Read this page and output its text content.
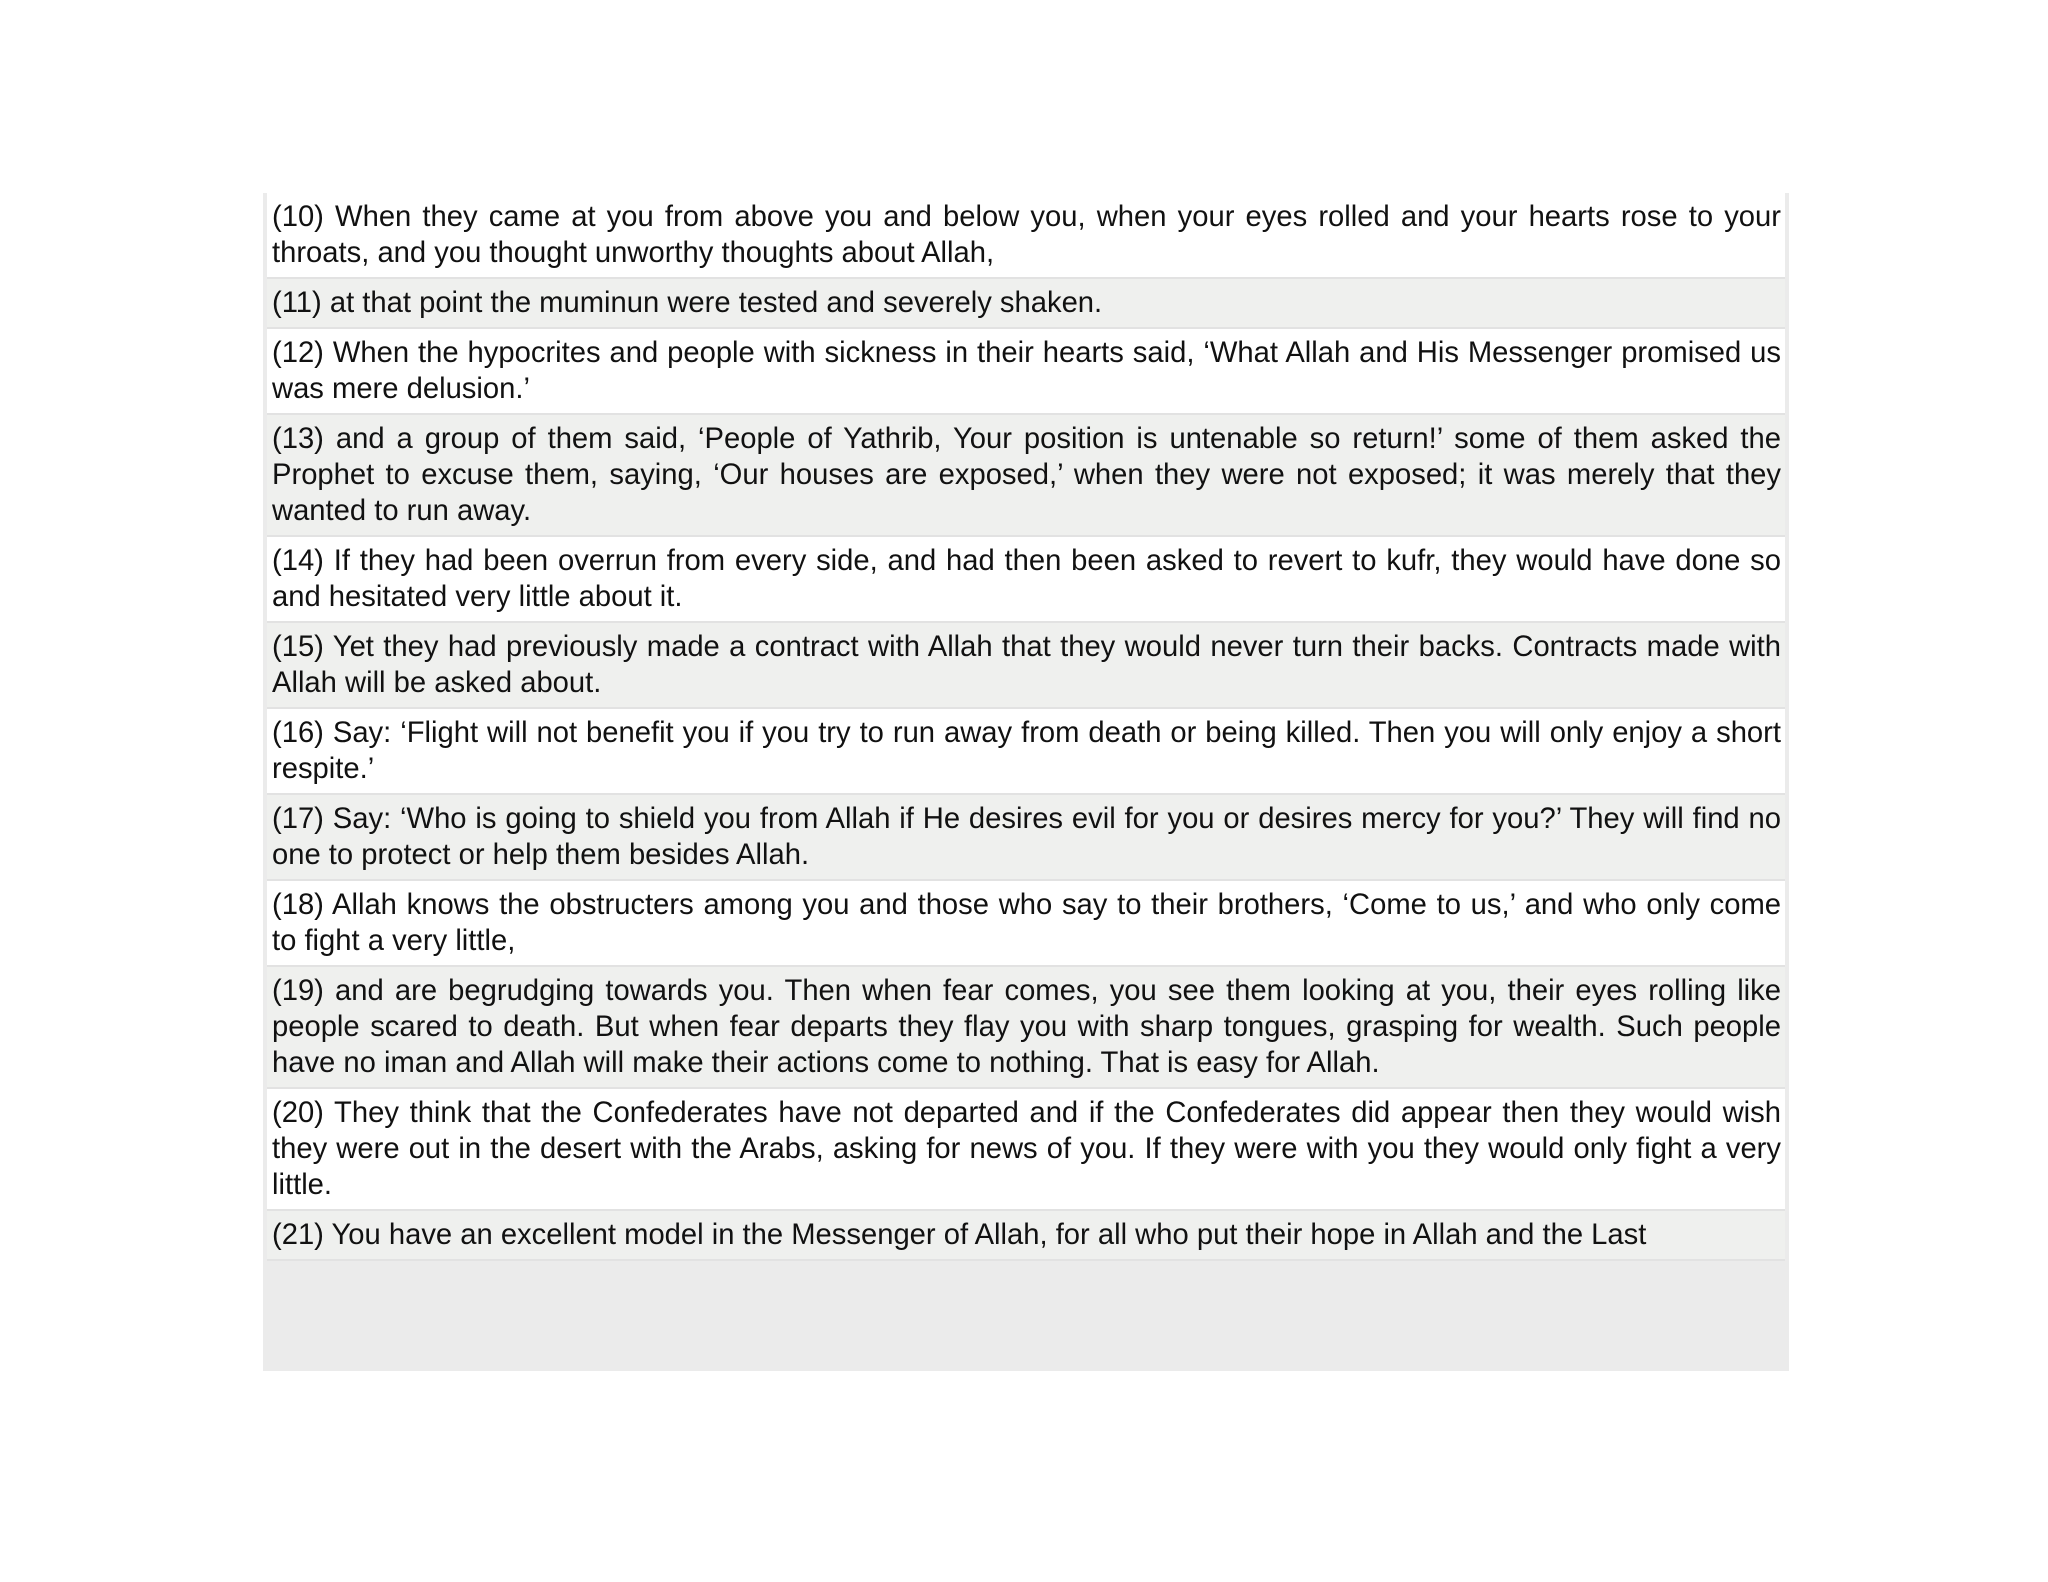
(10) When they came at you from above you and below you, when your eyes rolled and your hearts rose to your throats, and you thought unworthy thoughts about Allah,
(11) at that point the muminun were tested and severely shaken.
(12) When the hypocrites and people with sickness in their hearts said, ‘What Allah and His Messenger promised us was mere delusion.’
(13) and a group of them said, ‘People of Yathrib, Your position is untenable so return!’ some of them asked the Prophet to excuse them, saying, ‘Our houses are exposed,’ when they were not exposed; it was merely that they wanted to run away.
(14) If they had been overrun from every side, and had then been asked to revert to kufr, they would have done so and hesitated very little about it.
(15) Yet they had previously made a contract with Allah that they would never turn their backs. Contracts made with Allah will be asked about.
(16) Say: ‘Flight will not benefit you if you try to run away from death or being killed. Then you will only enjoy a short respite.’
(17) Say: ‘Who is going to shield you from Allah if He desires evil for you or desires mercy for you?’ They will find no one to protect or help them besides Allah.
(18) Allah knows the obstructers among you and those who say to their brothers, ‘Come to us,’ and who only come to fight a very little,
(19) and are begrudging towards you. Then when fear comes, you see them looking at you, their eyes rolling like people scared to death. But when fear departs they flay you with sharp tongues, grasping for wealth. Such people have no iman and Allah will make their actions come to nothing. That is easy for Allah.
(20) They think that the Confederates have not departed and if the Confederates did appear then they would wish they were out in the desert with the Arabs, asking for news of you. If they were with you they would only fight a very little.
(21) You have an excellent model in the Messenger of Allah, for all who put their hope in Allah and the Last
